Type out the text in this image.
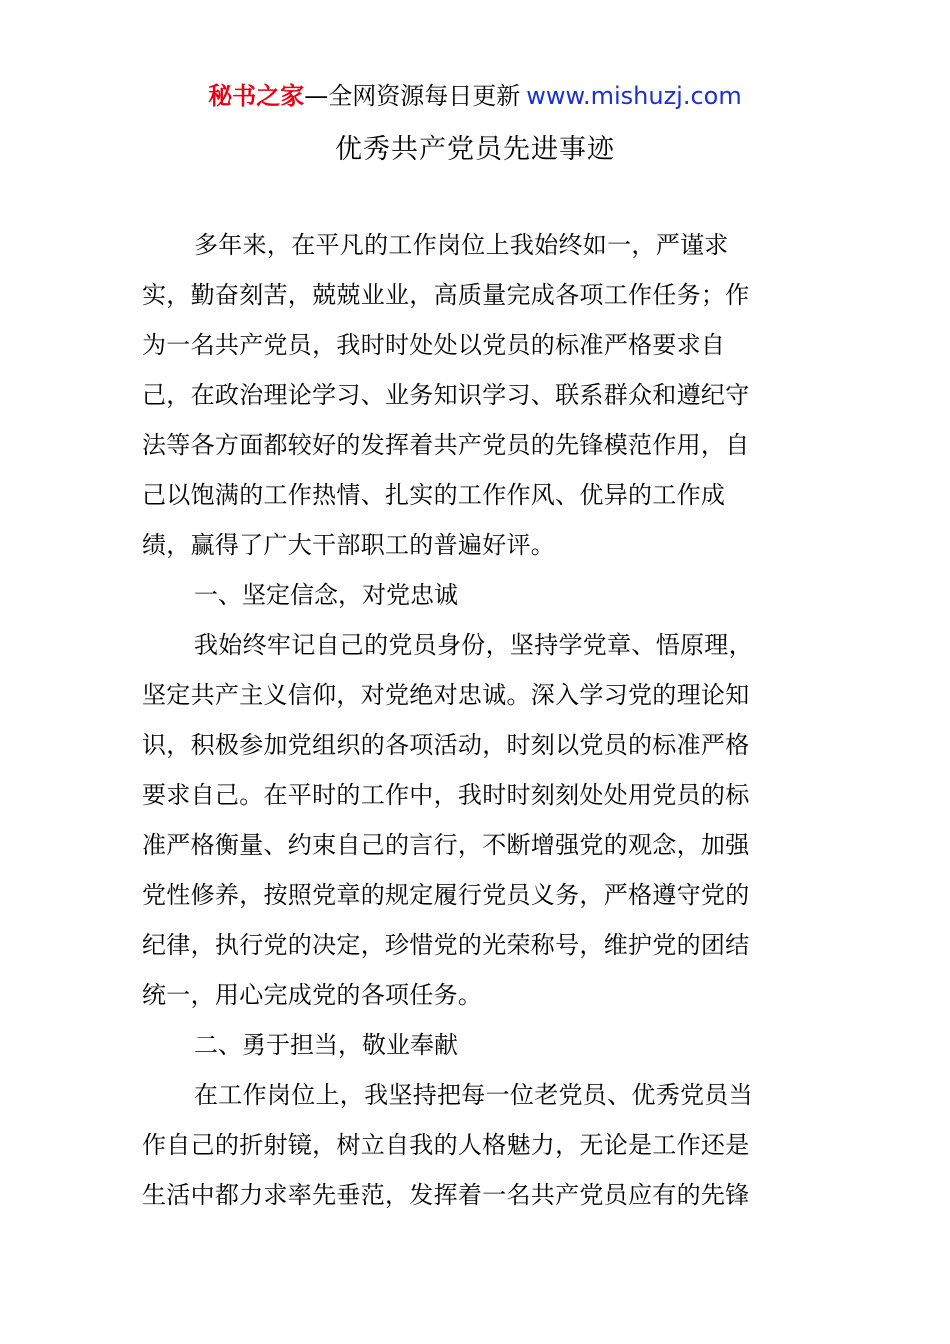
秘书之家—全网资源每日更新 www.mishuzj.com
优秀共产党员先进事迹

多年来，在平凡的工作岗位上我始终如一，严谨求
实，勤奋刻苦，兢兢业业，高质量完成各项工作任务；作
为一名共产党员，我时时处处以党员的标准严格要求自
己，在政治理论学习、业务知识学习、联系群众和遵纪守
法等各方面都较好的发挥着共产党员的先锋模范作用，自
己以饱满的工作热情、扎实的工作作风、优异的工作成
绩，赢得了广大干部职工的普遍好评。

一、坚定信念，对党忠诚

我始终牢记自己的党员身份，坚持学党章、悟原理，
坚定共产主义信仰，对党绝对忠诚。深入学习党的理论知
识，积极参加党组织的各项活动，时刻以党员的标准严格
要求自己。在平时的工作中，我时时刻刻处处用党员的标
准严格衡量、约束自己的言行，不断增强党的观念，加强
党性修养，按照党章的规定履行党员义务，严格遵守党的
纪律，执行党的决定，珍惜党的光荣称号，维护党的团结
统一，用心完成党的各项任务。

二、勇于担当，敬业奉献

在工作岗位上，我坚持把每一位老党员、优秀党员当
作自己的折射镜，树立自我的人格魅力，无论是工作还是
生活中都力求率先垂范，发挥着一名共产党员应有的先锋
